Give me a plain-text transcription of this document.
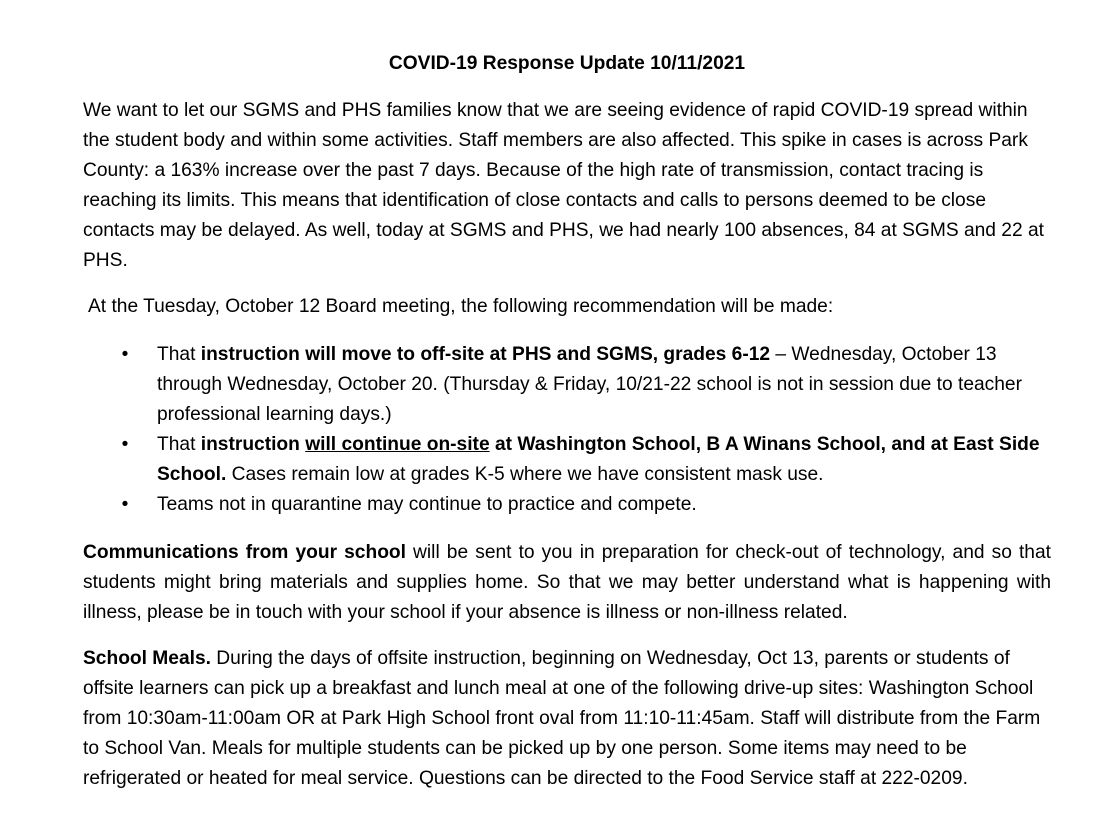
COVID-19 Response Update 10/11/2021

We want to let our SGMS and PHS families know that we are seeing evidence of rapid COVID-19 spread within the student body and within some activities. Staff members are also affected. This spike in cases is across Park County: a 163% increase over the past 7 days. Because of the high rate of transmission, contact tracing is reaching its limits. This means that identification of close contacts and calls to persons deemed to be close contacts may be delayed. As well, today at SGMS and PHS, we had nearly 100 absences, 84 at SGMS and 22 at PHS.

At the Tuesday, October 12 Board meeting, the following recommendation will be made:

• That instruction will move to off-site at PHS and SGMS, grades 6-12 – Wednesday, October 13 through Wednesday, October 20. (Thursday & Friday, 10/21-22 school is not in session due to teacher professional learning days.)
• That instruction will continue on-site at Washington School, B A Winans School, and at East Side School. Cases remain low at grades K-5 where we have consistent mask use.
• Teams not in quarantine may continue to practice and compete.

Communications from your school will be sent to you in preparation for check-out of technology, and so that students might bring materials and supplies home. So that we may better understand what is happening with illness, please be in touch with your school if your absence is illness or non-illness related.

School Meals. During the days of offsite instruction, beginning on Wednesday, Oct 13, parents or students of offsite learners can pick up a breakfast and lunch meal at one of the following drive-up sites: Washington School from 10:30am-11:00am OR at Park High School front oval from 11:10-11:45am. Staff will distribute from the Farm to School Van. Meals for multiple students can be picked up by one person. Some items may need to be refrigerated or heated for meal service. Questions can be directed to the Food Service staff at 222-0209.
